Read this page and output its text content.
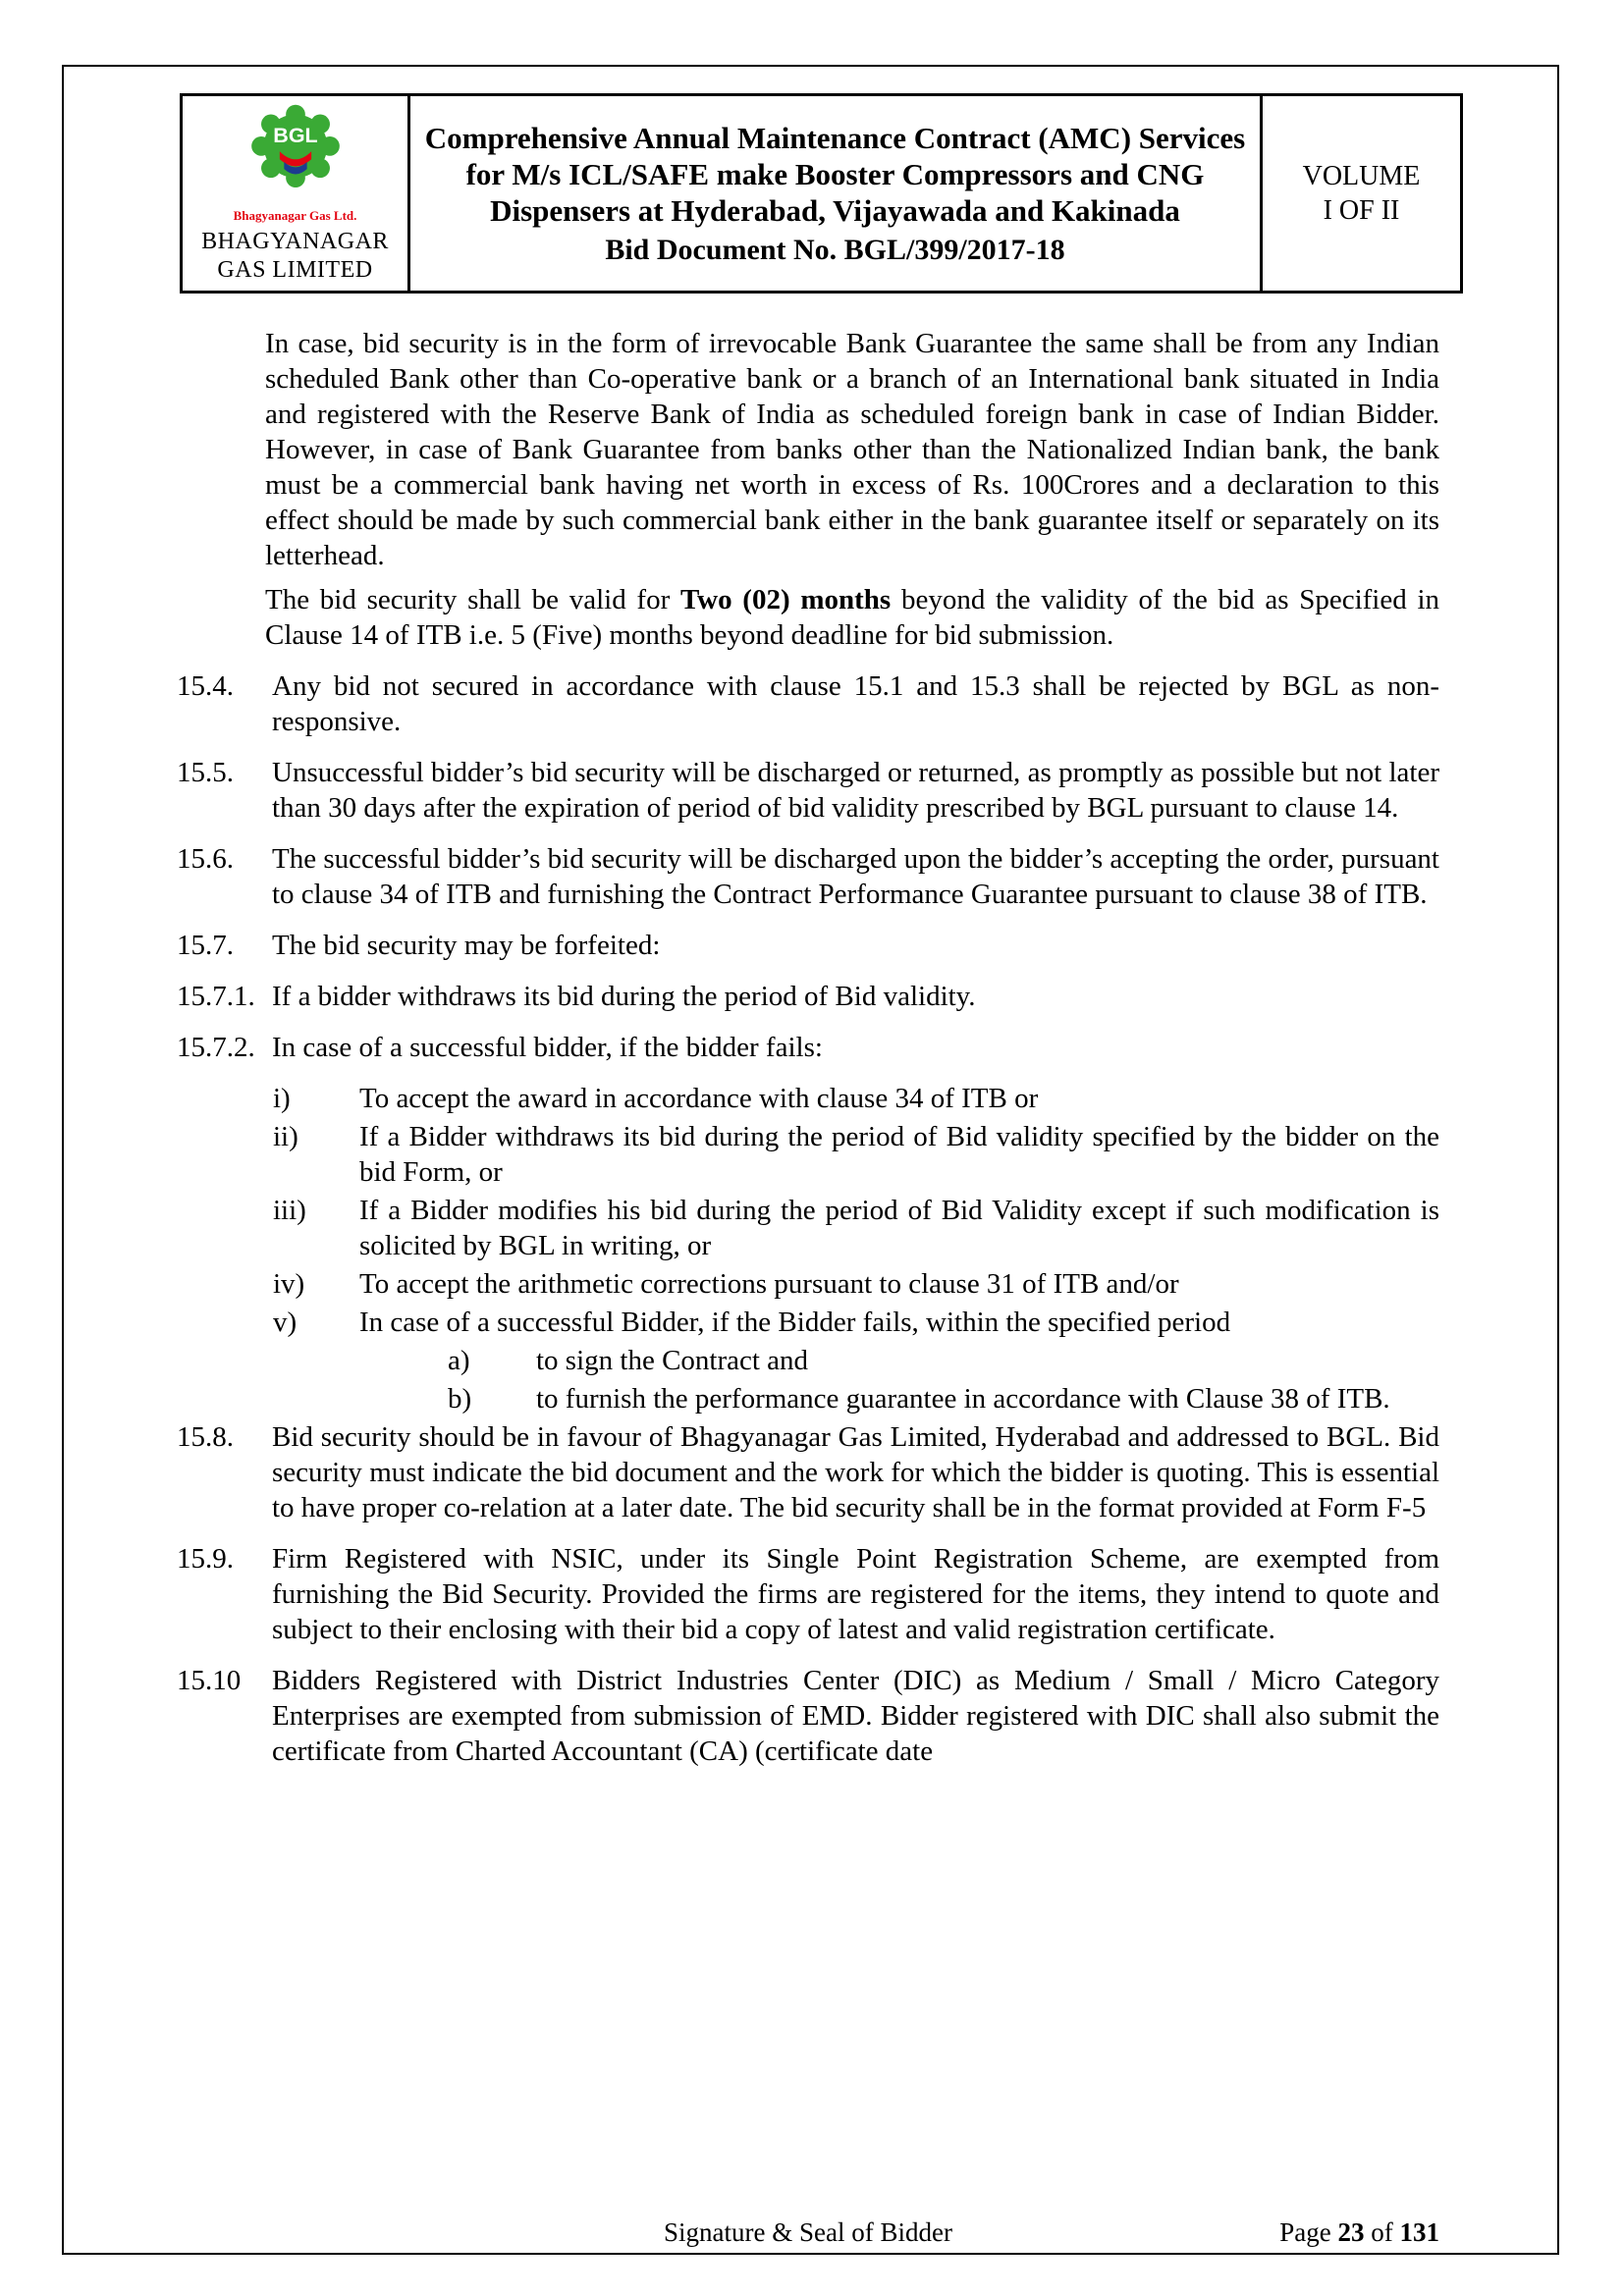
BGL
Bhagyanagar Gas Ltd.
BHAGYANAGAR
GAS LIMITED

Comprehensive Annual Maintenance Contract (AMC) Services for M/s ICL/SAFE make Booster Compressors and CNG Dispensers at Hyderabad, Vijayawada and Kakinada
Bid Document No. BGL/399/2017-18

VOLUME
I OF II
In case, bid security is in the form of irrevocable Bank Guarantee the same shall be from any Indian scheduled Bank other than Co-operative bank or a branch of an International bank situated in India and registered with the Reserve Bank of India as scheduled foreign bank in case of Indian Bidder. However, in case of Bank Guarantee from banks other than the Nationalized Indian bank, the bank must be a commercial bank having net worth in excess of Rs. 100Crores and a declaration to this effect should be made by such commercial bank either in the bank guarantee itself or separately on its letterhead.
The bid security shall be valid for Two (02) months beyond the validity of the bid as Specified in Clause 14 of ITB i.e. 5 (Five) months beyond deadline for bid submission.
15.4.	Any bid not secured in accordance with clause 15.1 and 15.3 shall be rejected by BGL as non-responsive.
15.5.	Unsuccessful bidder’s bid security will be discharged or returned, as promptly as possible but not later than 30 days after the expiration of period of bid validity prescribed by BGL pursuant to clause 14.
15.6.	The successful bidder’s bid security will be discharged upon the bidder’s accepting the order, pursuant to clause 34 of ITB and furnishing the Contract Performance Guarantee pursuant to clause 38 of ITB.
15.7.	The bid security may be forfeited:
15.7.1. If a bidder withdraws its bid during the period of Bid validity.
15.7.2. In case of a successful bidder, if the bidder fails:
i)	To accept the award in accordance with clause 34 of ITB or
ii)	If a Bidder withdraws its bid during the period of Bid validity specified by the bidder on the bid Form, or
iii)	If a Bidder modifies his bid during the period of Bid Validity except if such modification is solicited by BGL in writing, or
iv)	To accept the arithmetic corrections pursuant to clause 31 of ITB and/or
v)	In case of a successful Bidder, if the Bidder fails, within the specified period
a)	to sign the Contract and
b)	to furnish the performance guarantee in accordance with Clause 38 of ITB.
15.8.	Bid security should be in favour of Bhagyanagar Gas Limited, Hyderabad and addressed to BGL. Bid security must indicate the bid document and the work for which the bidder is quoting. This is essential to have proper co-relation at a later date. The bid security shall be in the format provided at Form F-5
15.9.	Firm Registered with NSIC, under its Single Point Registration Scheme, are exempted from furnishing the Bid Security. Provided the firms are registered for the items, they intend to quote and subject to their enclosing with their bid a copy of latest and valid registration certificate.
15.10	Bidders Registered with District Industries Center (DIC) as Medium / Small / Micro Category Enterprises are exempted from submission of EMD. Bidder registered with DIC shall also submit the certificate from Charted Accountant (CA) (certificate date
Signature & Seal of Bidder	Page 23 of 131
